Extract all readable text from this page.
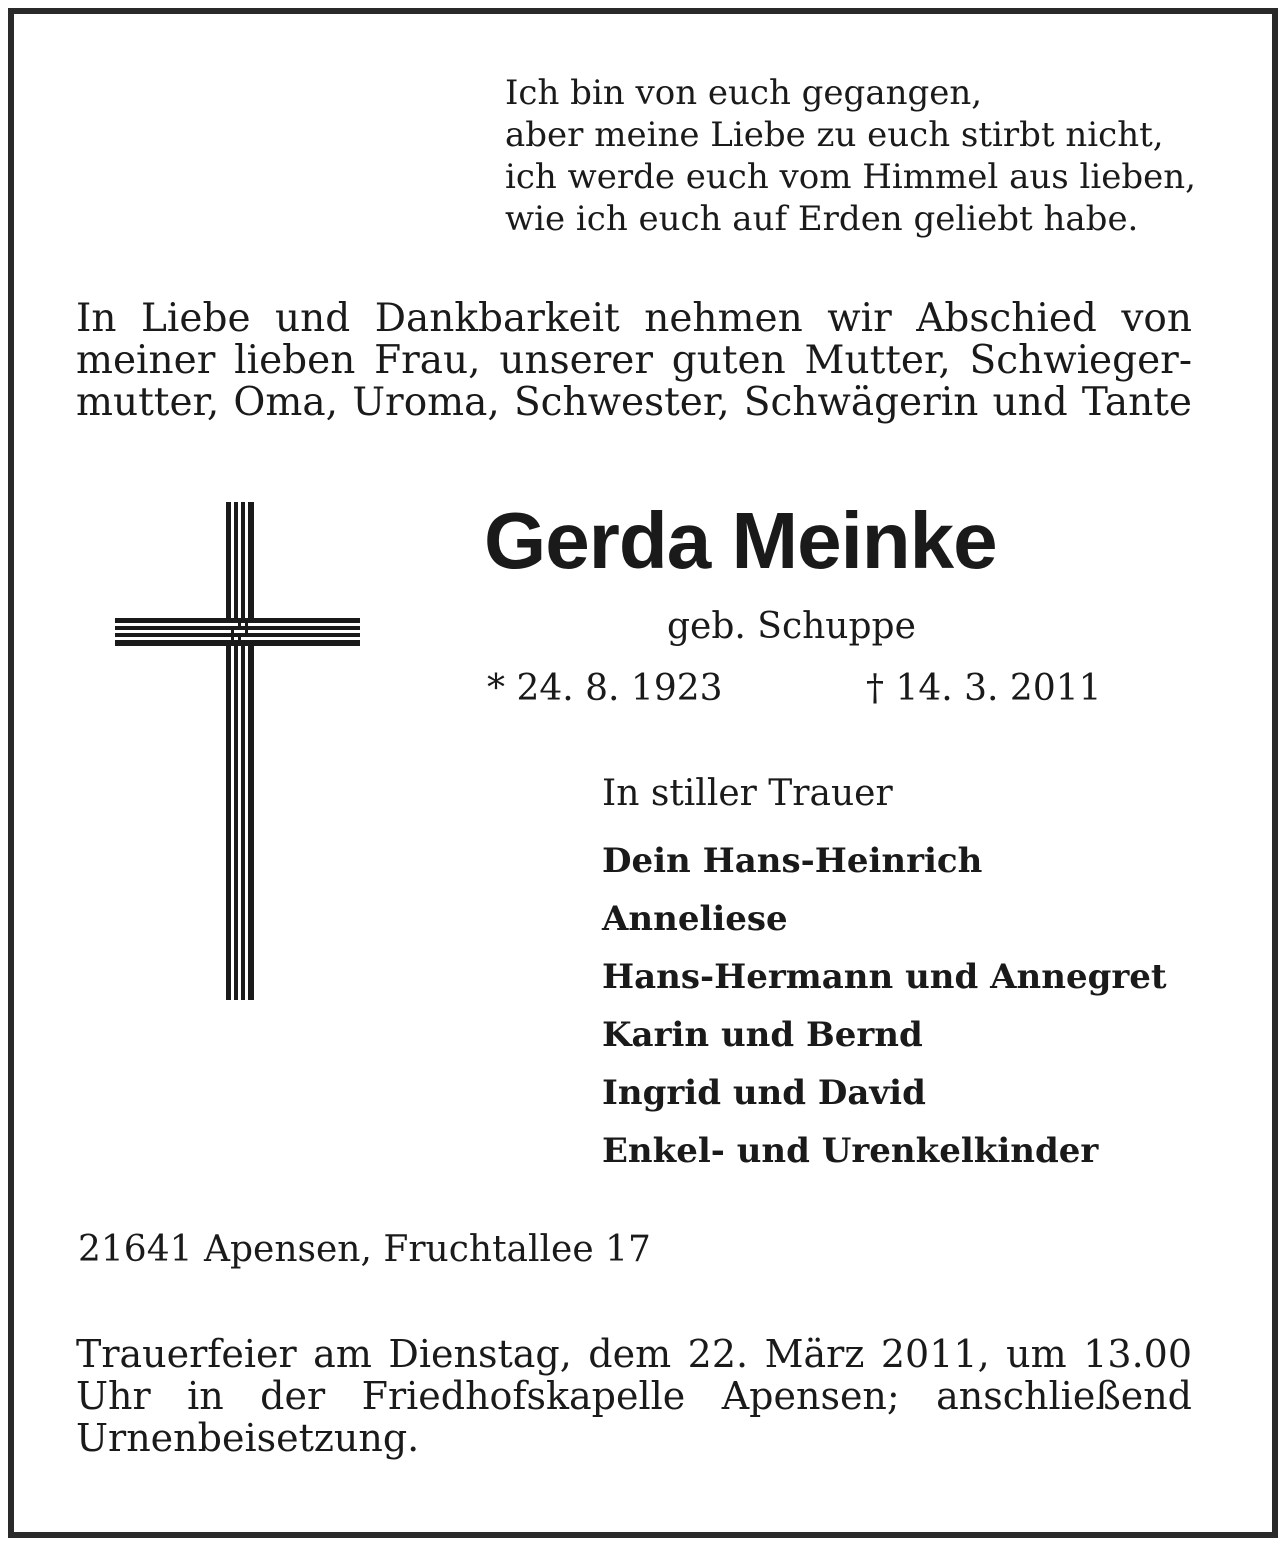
Ich bin von euch gegangen,
aber meine Liebe zu euch stirbt nicht,
ich werde euch vom Himmel aus lieben,
wie ich euch auf Erden geliebt habe.
In Liebe und Dankbarkeit nehmen wir Abschied von
meiner lieben Frau, unserer guten Mutter, Schwieger-
mutter, Oma, Uroma, Schwester, Schwägerin und Tante
Gerda Meinke
geb. Schuppe
* 24. 8. 1923	† 14. 3. 2011
In stiller Trauer
Dein Hans-Heinrich
Anneliese
Hans-Hermann und Annegret
Karin und Bernd
Ingrid und David
Enkel- und Urenkelkinder
21641 Apensen, Fruchtallee 17
Trauerfeier am Dienstag, dem 22. März 2011, um 13.00
Uhr in der Friedhofskapelle Apensen; anschließend
Urnenbeisetzung.
